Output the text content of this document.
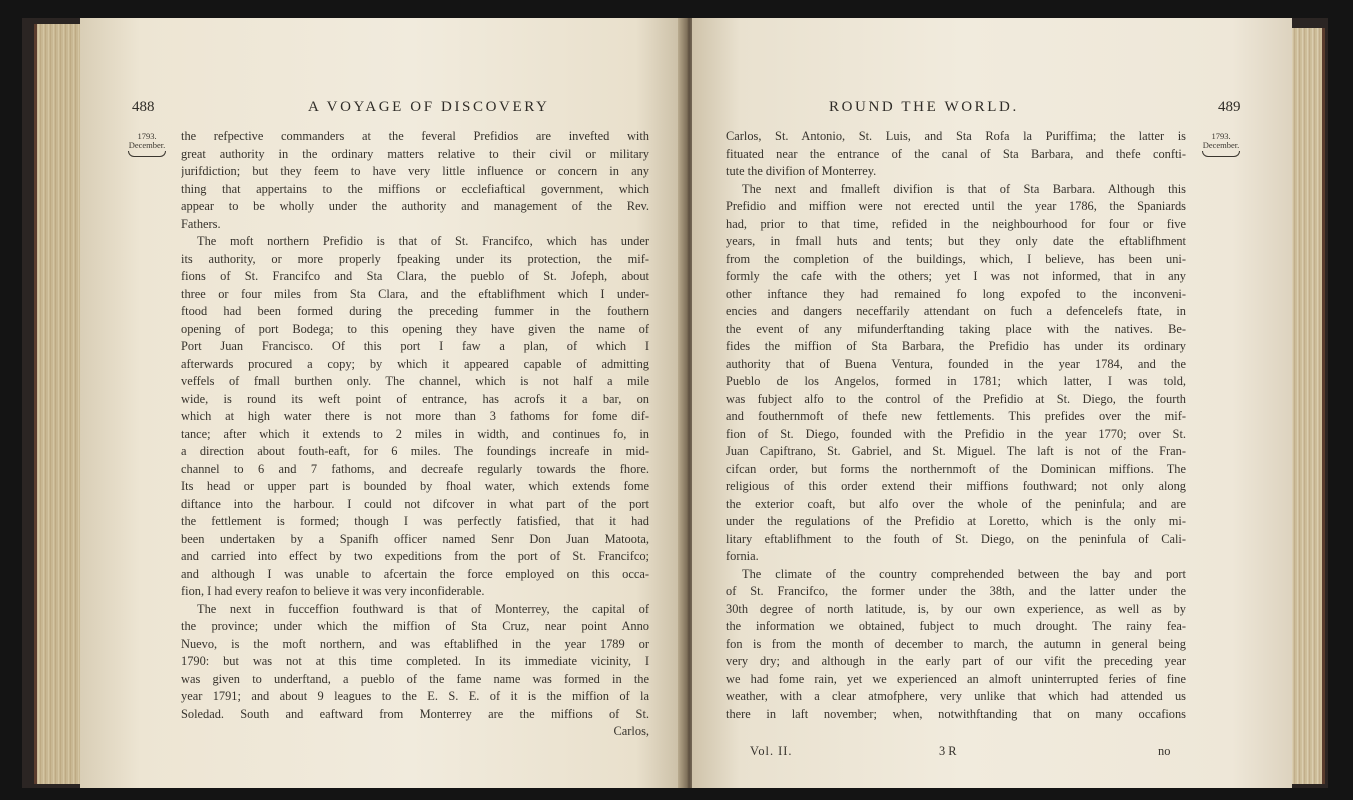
488	A VOYAGE OF DISCOVERY
1793.
December.
the refpective commanders at the feveral Prefidios are invefted with
great authority in the ordinary matters relative to their civil or military
jurifdiction; but they feem to have very little influence or concern in any
thing that appertains to the miffions or ecclefiaftical government, which
appear to be wholly under the authority and management of the Rev.
Fathers.
The moft northern Prefidio is that of St. Francifco, which has under
its authority, or more properly fpeaking under its protection, the mif-
fions of St. Francifco and Sta Clara, the pueblo of St. Jofeph, about
three or four miles from Sta Clara, and the eftablifhment which I under-
ftood had been formed during the preceding fummer in the fouthern
opening of port Bodega; to this opening they have given the name of
Port Juan Francisco. Of this port I faw a plan, of which I
afterwards procured a copy; by which it appeared capable of admitting
veffels of fmall burthen only. The channel, which is not half a mile
wide, is round its weft point of entrance, has acrofs it a bar, on
which at high water there is not more than 3 fathoms for fome dif-
tance; after which it extends to 2 miles in width, and continues fo, in
a direction about fouth-eaft, for 6 miles. The foundings increafe in mid-
channel to 6 and 7 fathoms, and decreafe regularly towards the fhore.
Its head or upper part is bounded by fhoal water, which extends fome
diftance into the harbour. I could not difcover in what part of the port
the fettlement is formed; though I was perfectly fatisfied, that it had
been undertaken by a Spanifh officer named Senr Don Juan Matoota,
and carried into effect by two expeditions from the port of St. Francifco;
and although I was unable to afcertain the force employed on this occa-
fion, I had every reafon to believe it was very inconfiderable.
The next in fucceffion fouthward is that of Monterrey, the capital of
the province; under which the miffion of Sta Cruz, near point Anno
Nuevo, is the moft northern, and was eftablifhed in the year 1789 or
1790: but was not at this time completed. In its immediate vicinity, I
was given to underftand, a pueblo of the fame name was formed in the
year 1791; and about 9 leagues to the E. S. E. of it is the miffion of la
Soledad. South and eaftward from Monterrey are the miffions of St.
Carlos,
ROUND THE WORLD.	489
1793.
December.
Carlos, St. Antonio, St. Luis, and Sta Rofa la Puriffima; the latter is
fituated near the entrance of the canal of Sta Barbara, and thefe confti-
tute the divifion of Monterrey.
The next and fmalleft divifion is that of Sta Barbara. Although this
Prefidio and miffion were not erected until the year 1786, the Spaniards
had, prior to that time, refided in the neighbourhood for four or five
years, in fmall huts and tents; but they only date the eftablifhment
from the completion of the buildings, which, I believe, has been uni-
formly the cafe with the others; yet I was not informed, that in any
other inftance they had remained fo long expofed to the inconveni-
encies and dangers neceffarily attendant on fuch a defencelefs ftate, in
the event of any mifunderftanding taking place with the natives. Be-
fides the miffion of Sta Barbara, the Prefidio has under its ordinary
authority that of Buena Ventura, founded in the year 1784, and the
Pueblo de los Angelos, formed in 1781; which latter, I was told,
was fubject alfo to the control of the Prefidio at St. Diego, the fourth
and fouthernmoft of thefe new fettlements. This prefides over the mif-
fion of St. Diego, founded with the Prefidio in the year 1770; over St.
Juan Capiftrano, St. Gabriel, and St. Miguel. The laft is not of the Fran-
cifcan order, but forms the northernmoft of the Dominican miffions. The
religious of this order extend their miffions fouthward; not only along
the exterior coaft, but alfo over the whole of the peninfula; and are
under the regulations of the Prefidio at Loretto, which is the only mi-
litary eftablifhment to the fouth of St. Diego, on the peninfula of Cali-
fornia.
The climate of the country comprehended between the bay and port
of St. Francifco, the former under the 38th, and the latter under the
30th degree of north latitude, is, by our own experience, as well as by
the information we obtained, fubject to much drought. The rainy fea-
fon is from the month of december to march, the autumn in general being
very dry; and although in the early part of our vifit the preceding year
we had fome rain, yet we experienced an almoft uninterrupted feries of fine
weather, with a clear atmofphere, very unlike that which had attended us
there in laft november; when, notwithftanding that on many occafions
Vol. II.	3 R	no
